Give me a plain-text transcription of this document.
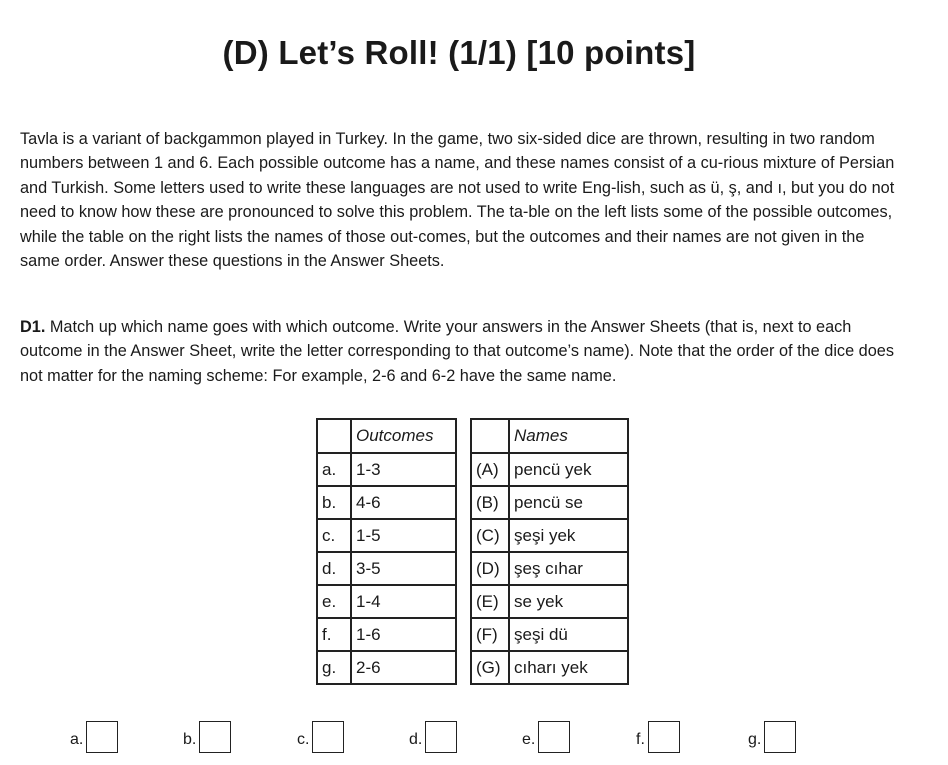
(D) Let’s Roll! (1/1) [10 points]

Tavla is a variant of backgammon played in Turkey. In the game, two six-sided dice are thrown, resulting in two random numbers between 1 and 6. Each possible outcome has a name, and these names consist of a cu-rious mixture of Persian and Turkish. Some letters used to write these languages are not used to write Eng-lish, such as ü, ş, and ı, but you do not need to know how these are pronounced to solve this problem. The ta-ble on the left lists some of the possible outcomes, while the table on the right lists the names of those out-comes, but the outcomes and their names are not given in the same order. Answer these questions in the Answer Sheets.

D1. Match up which name goes with which outcome. Write your answers in the Answer Sheets (that is, next to each outcome in the Answer Sheet, write the letter corresponding to that outcome’s name). Note that the order of the dice does not matter for the naming scheme: For example, 2-6 and 6-2 have the same name.

	Outcomes
a.	1-3
b.	4-6
c.	1-5
d.	3-5
e.	1-4
f.	1-6
g.	2-6
	Names
(A)	pencü yek
(B)	pencü se
(C)	şeşi yek
(D)	şeş cıhar
(E)	se yek
(F)	şeşi dü
(G)	cıharı yek
a.	b.	c.	d.	e.	f.	g.
